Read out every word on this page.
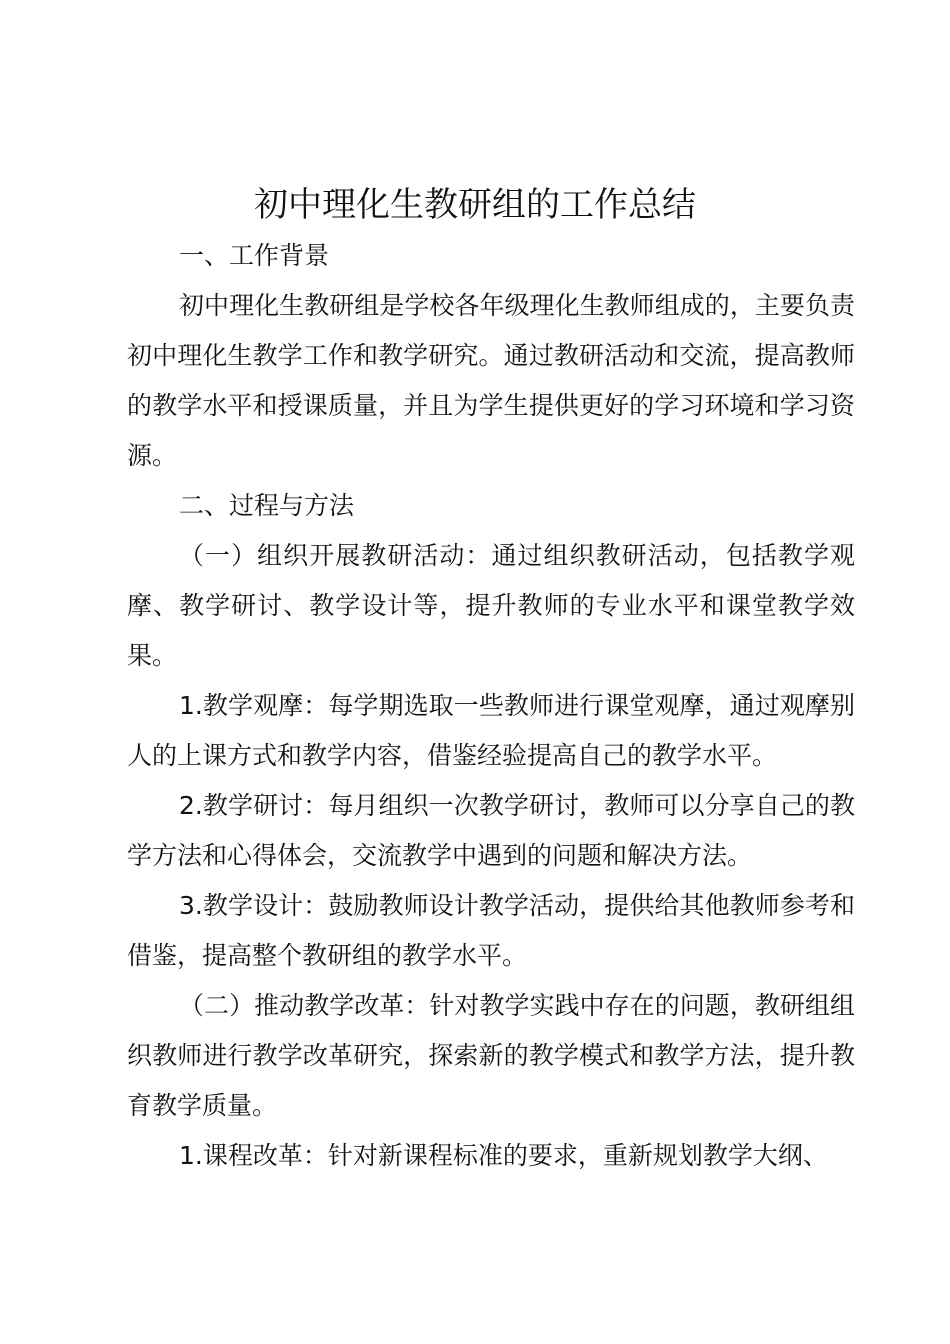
初中理化生教研组的工作总结

一、工作背景

初中理化生教研组是学校各年级理化生教师组成的，主要负责初中理化生教学工作和教学研究。通过教研活动和交流，提高教师的教学水平和授课质量，并且为学生提供更好的学习环境和学习资源。

二、过程与方法

（一）组织开展教研活动：通过组织教研活动，包括教学观摩、教学研讨、教学设计等，提升教师的专业水平和课堂教学效果。

1.教学观摩：每学期选取一些教师进行课堂观摩，通过观摩别人的上课方式和教学内容，借鉴经验提高自己的教学水平。

2.教学研讨：每月组织一次教学研讨，教师可以分享自己的教学方法和心得体会，交流教学中遇到的问题和解决方法。

3.教学设计：鼓励教师设计教学活动，提供给其他教师参考和借鉴，提高整个教研组的教学水平。

（二）推动教学改革：针对教学实践中存在的问题，教研组组织教师进行教学改革研究，探索新的教学模式和教学方法，提升教育教学质量。

1.课程改革：针对新课程标准的要求，重新规划教学大纲、
